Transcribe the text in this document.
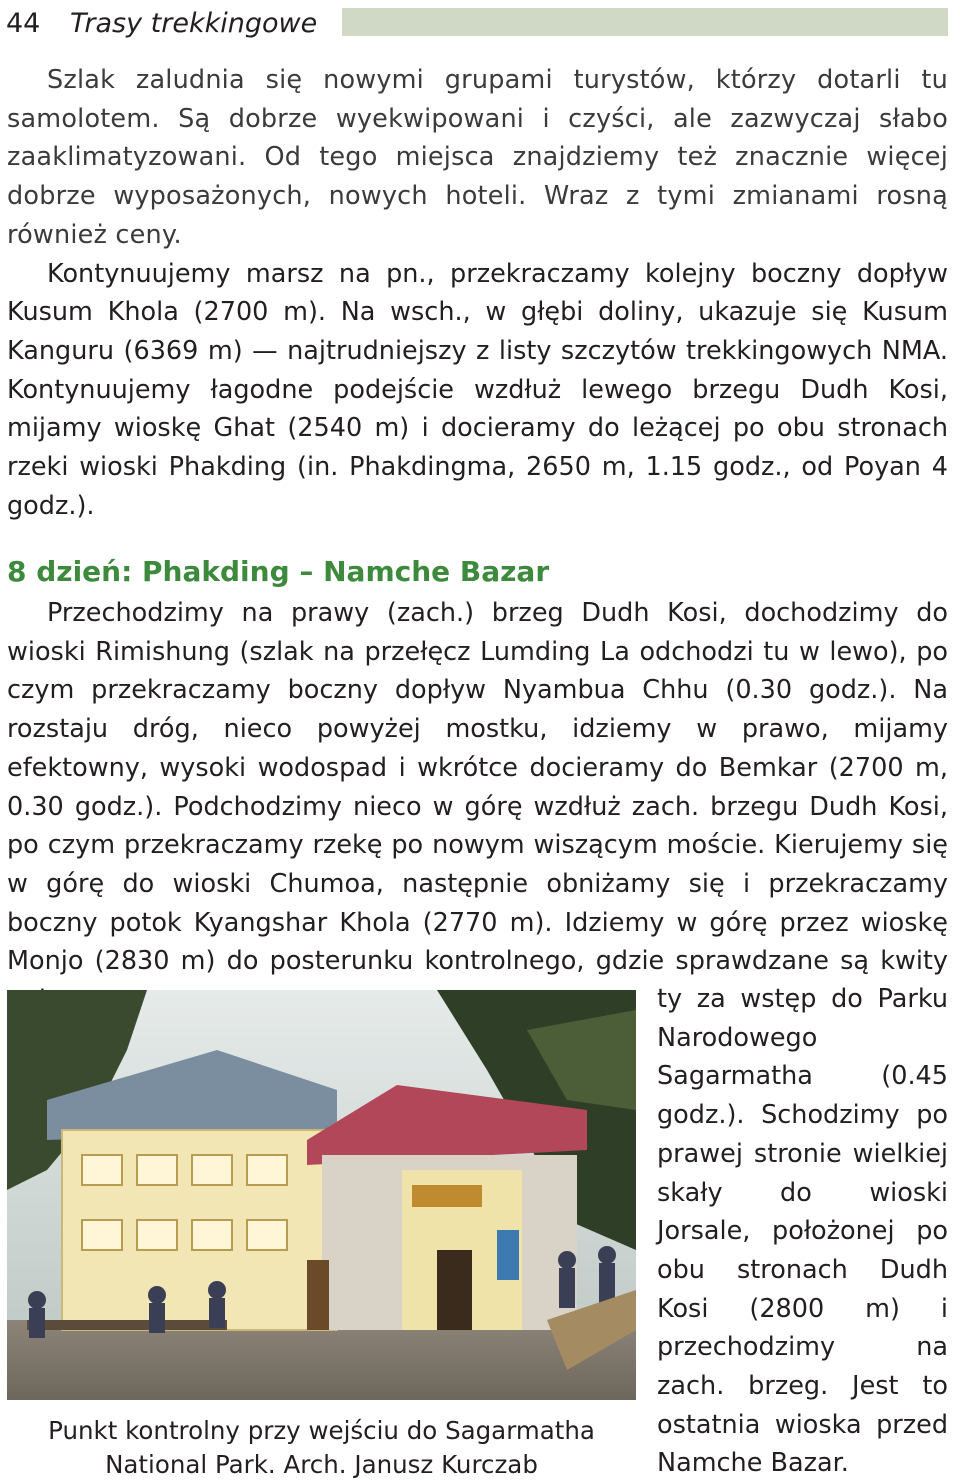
44 Trasy trekkingowe

Szlak zaludnia się nowymi grupami turystów, którzy dotarli tu samolotem. Są dobrze wyekwipowani i czyści, ale zazwyczaj słabo zaaklimatyzowani. Od tego miejsca znajdziemy też znacznie więcej dobrze wyposażonych, nowych hoteli. Wraz z tymi zmianami rosną również ceny.

Kontynuujemy marsz na pn., przekraczamy kolejny boczny dopływ Kusum Khola (2700 m). Na wsch., w głębi doliny, ukazuje się Kusum Kanguru (6369 m) — najtrudniejszy z listy szczytów trekkingowych NMA. Kontynuujemy łagodne podejście wzdłuż lewego brzegu Dudh Kosi, mijamy wioskę Ghat (2540 m) i docieramy do leżącej po obu stronach rzeki wioski Phakding (in. Phakdingma, 2650 m, 1.15 godz., od Poyan 4 godz.).

8 dzień: Phakding – Namche Bazar

Przechodzimy na prawy (zach.) brzeg Dudh Kosi, dochodzimy do wioski Rimishung (szlak na przełęcz Lumding La odchodzi tu w lewo), po czym przekraczamy boczny dopływ Nyambua Chhu (0.30 godz.). Na rozstaju dróg, nieco powyżej mostku, idziemy w prawo, mijamy efektowny, wysoki wodospad i wkrótce docieramy do Bemkar (2700 m, 0.30 godz.). Podchodzimy nieco w górę wzdłuż zach. brzegu Dudh Kosi, po czym przekraczamy rzekę po nowym wiszącym moście. Kierujemy się w górę do wioski Chumoa, następnie obniżamy się i przekraczamy boczny potok Kyangshar Khola (2770 m). Idziemy w górę przez wioskę Monjo (2830 m) do posterunku kontrolnego, gdzie sprawdzane są kwity

ty za wstęp do Parku Narodowego Sagarmatha (0.45 godz.). Schodzimy po prawej stronie wielkiej skały do wioski Jorsale, położonej po obu stronach Dudh Kosi (2800 m) i przechodzimy na zach. brzeg. Jest to ostatnia wioska przed Namche Bazar.

Punkt kontrolny przy wejściu do Sagarmatha
National Park. Arch. Janusz Kurczab
